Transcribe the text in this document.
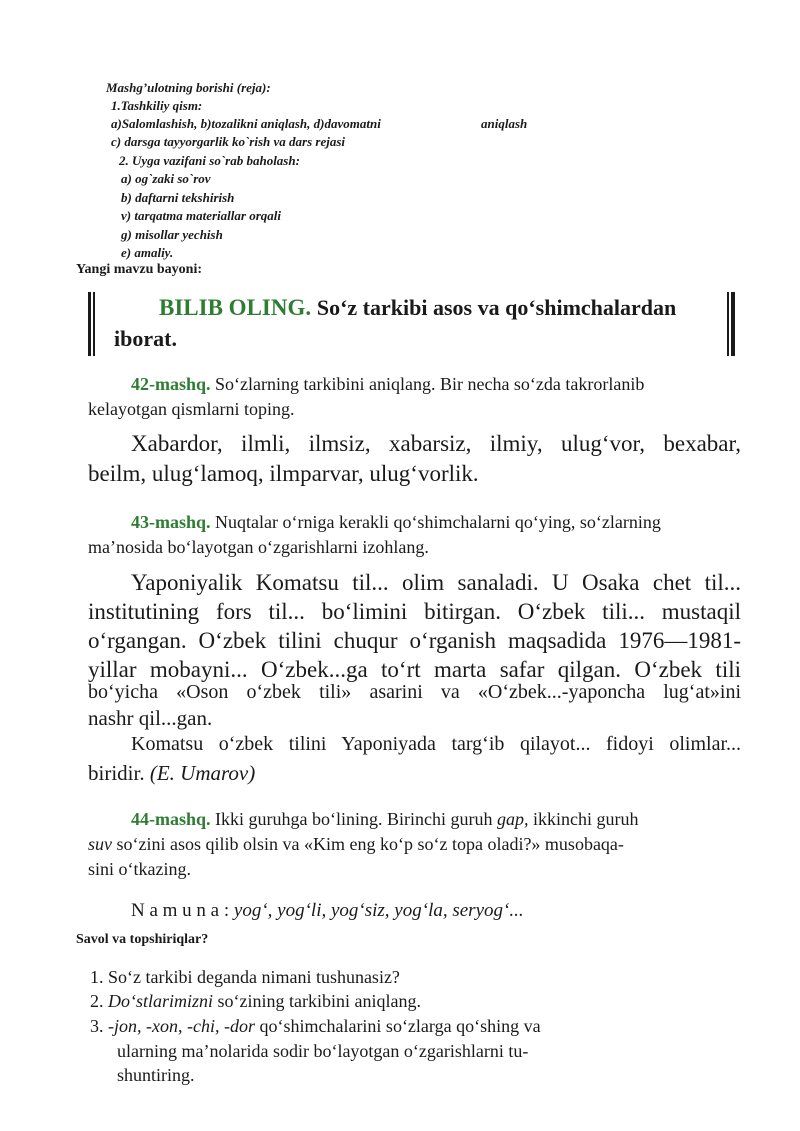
Mashg’ulotning borishi (reja):
1.Tashkiliy qism:
a)Salomlashish, b)tozalikni aniqlash, d)davomatni	aniqlash
c) darsga tayyorgarlik ko`rish va dars rejasi
2. Uyga vazifani so`rab baholash:
a) og`zaki so`rov
b) daftarni tekshirish
v) tarqatma materiallar orqali
g) misollar yechish
e) amaliy.
Yangi mavzu bayoni:
BILIB OLING. So‘z tarkibi asos va qo‘shimchalardan
iborat.
42-mashq. So‘zlarning tarkibini aniqlang. Bir necha so‘zda takrorlanib
kelayotgan qismlarni toping.
Xabardor, ilmli, ilmsiz, xabarsiz, ilmiy, ulug‘vor, bexabar,
beilm, ulug‘lamoq, ilmparvar, ulug‘vorlik.
43-mashq. Nuqtalar o‘rniga kerakli qo‘shimchalarni qo‘ying, so‘zlarning
ma’nosida bo‘layotgan o‘zgarishlarni izohlang.
Yaponiyalik Komatsu til... olim sanaladi. U Osaka chet til...
institutining fors til... bo‘limini bitirgan. O‘zbek tili... mustaqil
o‘rgangan. O‘zbek tilini chuqur o‘rganish maqsadida 1976—1981-
yillar mobayni... O‘zbek...ga to‘rt marta safar qilgan. O‘zbek tili
bo‘yicha «Oson o‘zbek tili» asarini va «O‘zbek...-yaponcha lug‘at»ini
nashr qil...gan.
Komatsu o‘zbek tilini Yaponiyada targ‘ib qilayot... fidoyi olimlar...
biridir. (E. Umarov)
44-mashq. Ikki guruhga bo‘lining. Birinchi guruh gap, ikkinchi guruh
suv so‘zini asos qilib olsin va «Kim eng ko‘p so‘z topa oladi?» musobaqa-
sini o‘tkazing.
N a m u n a : yog‘, yog‘li, yog‘siz, yog‘la, seryog‘...
Savol va topshiriqlar?
1. So‘z tarkibi deganda nimani tushunasiz?
2. Do‘stlarimizni so‘zining tarkibini aniqlang.
3. -jon, -xon, -chi, -dor qo‘shimchalarini so‘zlarga qo‘shing va
ularning ma’nolarida sodir bo‘layotgan o‘zgarishlarni tu-
shuntiring.
